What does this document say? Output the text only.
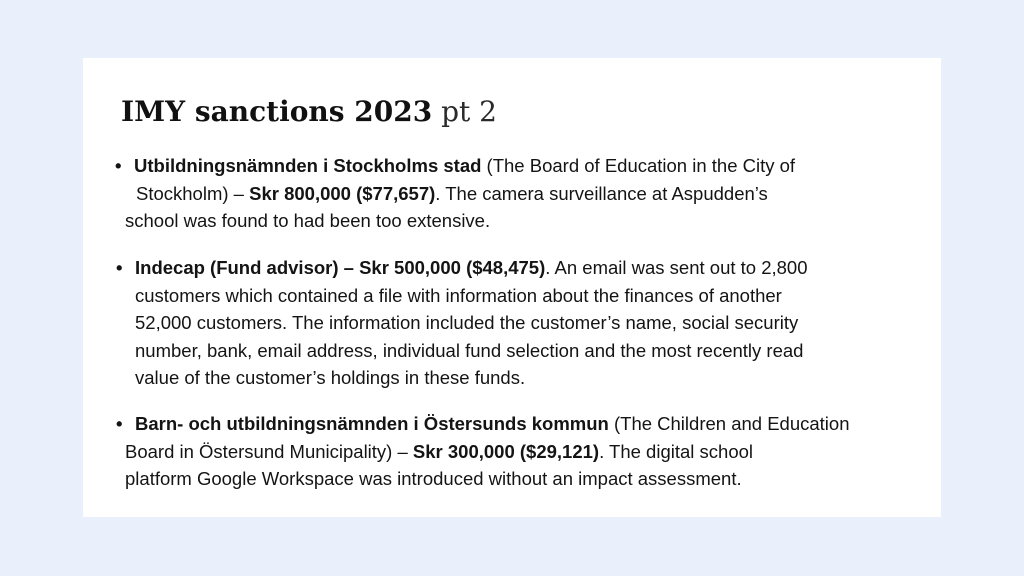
IMY sanctions 2023 pt 2
• Utbildningsnämnden i Stockholms stad (The Board of Education in the City of
Stockholm) – Skr 800,000 ($77,657). The camera surveillance at Aspudden’s
school was found to had been too extensive.
• Indecap (Fund advisor) – Skr 500,000 ($48,475). An email was sent out to 2,800
customers which contained a file with information about the finances of another
52,000 customers. The information included the customer’s name, social security
number, bank, email address, individual fund selection and the most recently read
value of the customer’s holdings in these funds.
• Barn- och utbildningsnämnden i Östersunds kommun (The Children and Education
Board in Östersund Municipality) – Skr 300,000 ($29,121). The digital school
platform Google Workspace was introduced without an impact assessment.
